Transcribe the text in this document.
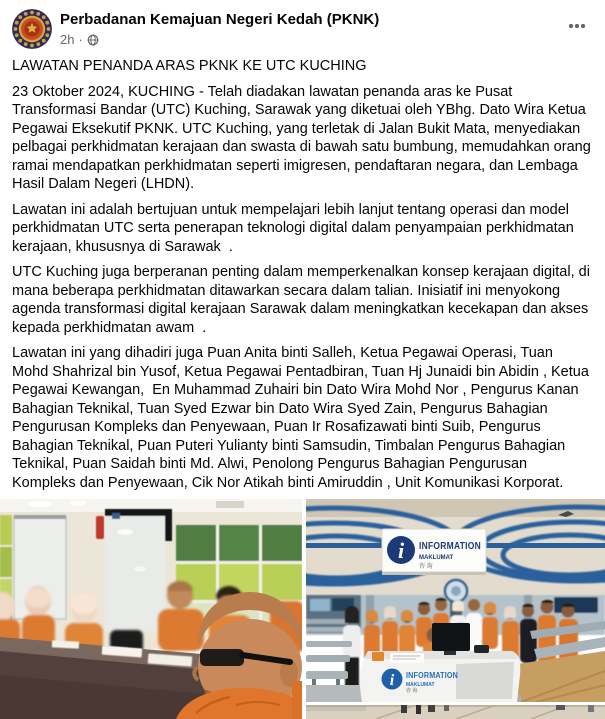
Perbadanan Kemajuan Negeri Kedah (PKNK)
2h ·

LAWATAN PENANDA ARAS PKNK KE UTC KUCHING

23 Oktober 2024, KUCHING - Telah diadakan lawatan penanda aras ke Pusat Transformasi Bandar (UTC) Kuching, Sarawak yang diketuai oleh YBhg. Dato Wira Ketua Pegawai Eksekutif PKNK. UTC Kuching, yang terletak di Jalan Bukit Mata, menyediakan pelbagai perkhidmatan kerajaan dan swasta di bawah satu bumbung, memudahkan orang ramai mendapatkan perkhidmatan seperti imigresen, pendaftaran negara, dan Lembaga Hasil Dalam Negeri (LHDN).

Lawatan ini adalah bertujuan untuk mempelajari lebih lanjut tentang operasi dan model perkhidmatan UTC serta penerapan teknologi digital dalam penyampaian perkhidmatan kerajaan, khususnya di Sarawak  .

UTC Kuching juga berperanan penting dalam memperkenalkan konsep kerajaan digital, di mana beberapa perkhidmatan ditawarkan secara dalam talian. Inisiatif ini menyokong agenda transformasi digital kerajaan Sarawak dalam meningkatkan kecekapan dan akses kepada perkhidmatan awam  .

Lawatan ini yang dihadiri juga Puan Anita binti Salleh, Ketua Pegawai Operasi, Tuan Mohd Shahrizal bin Yusof, Ketua Pegawai Pentadbiran, Tuan Hj Junaidi bin Abidin , Ketua Pegawai Kewangan,  En Muhammad Zuhairi bin Dato Wira Mohd Nor , Pengurus Kanan Bahagian Teknikal, Tuan Syed Ezwar bin Dato Wira Syed Zain, Pengurus Bahagian Pengurusan Kompleks dan Penyewaan, Puan Ir Rosafizawati binti Suib, Pengurus Bahagian Teknikal, Puan Puteri Yulianty binti Samsudin, Timbalan Pengurus Bahagian Teknikal, Puan Saidah binti Md. Alwi, Penolong Pengurus Bahagian Pengurusan Kompleks dan Penyewaan, Cik Nor Atikah binti Amiruddin , Unit Komunikasi Korporat.

i INFORMATION
MAKLUMAT
咨 询
i INFORMATION
MAKLUMAT
咨 询
